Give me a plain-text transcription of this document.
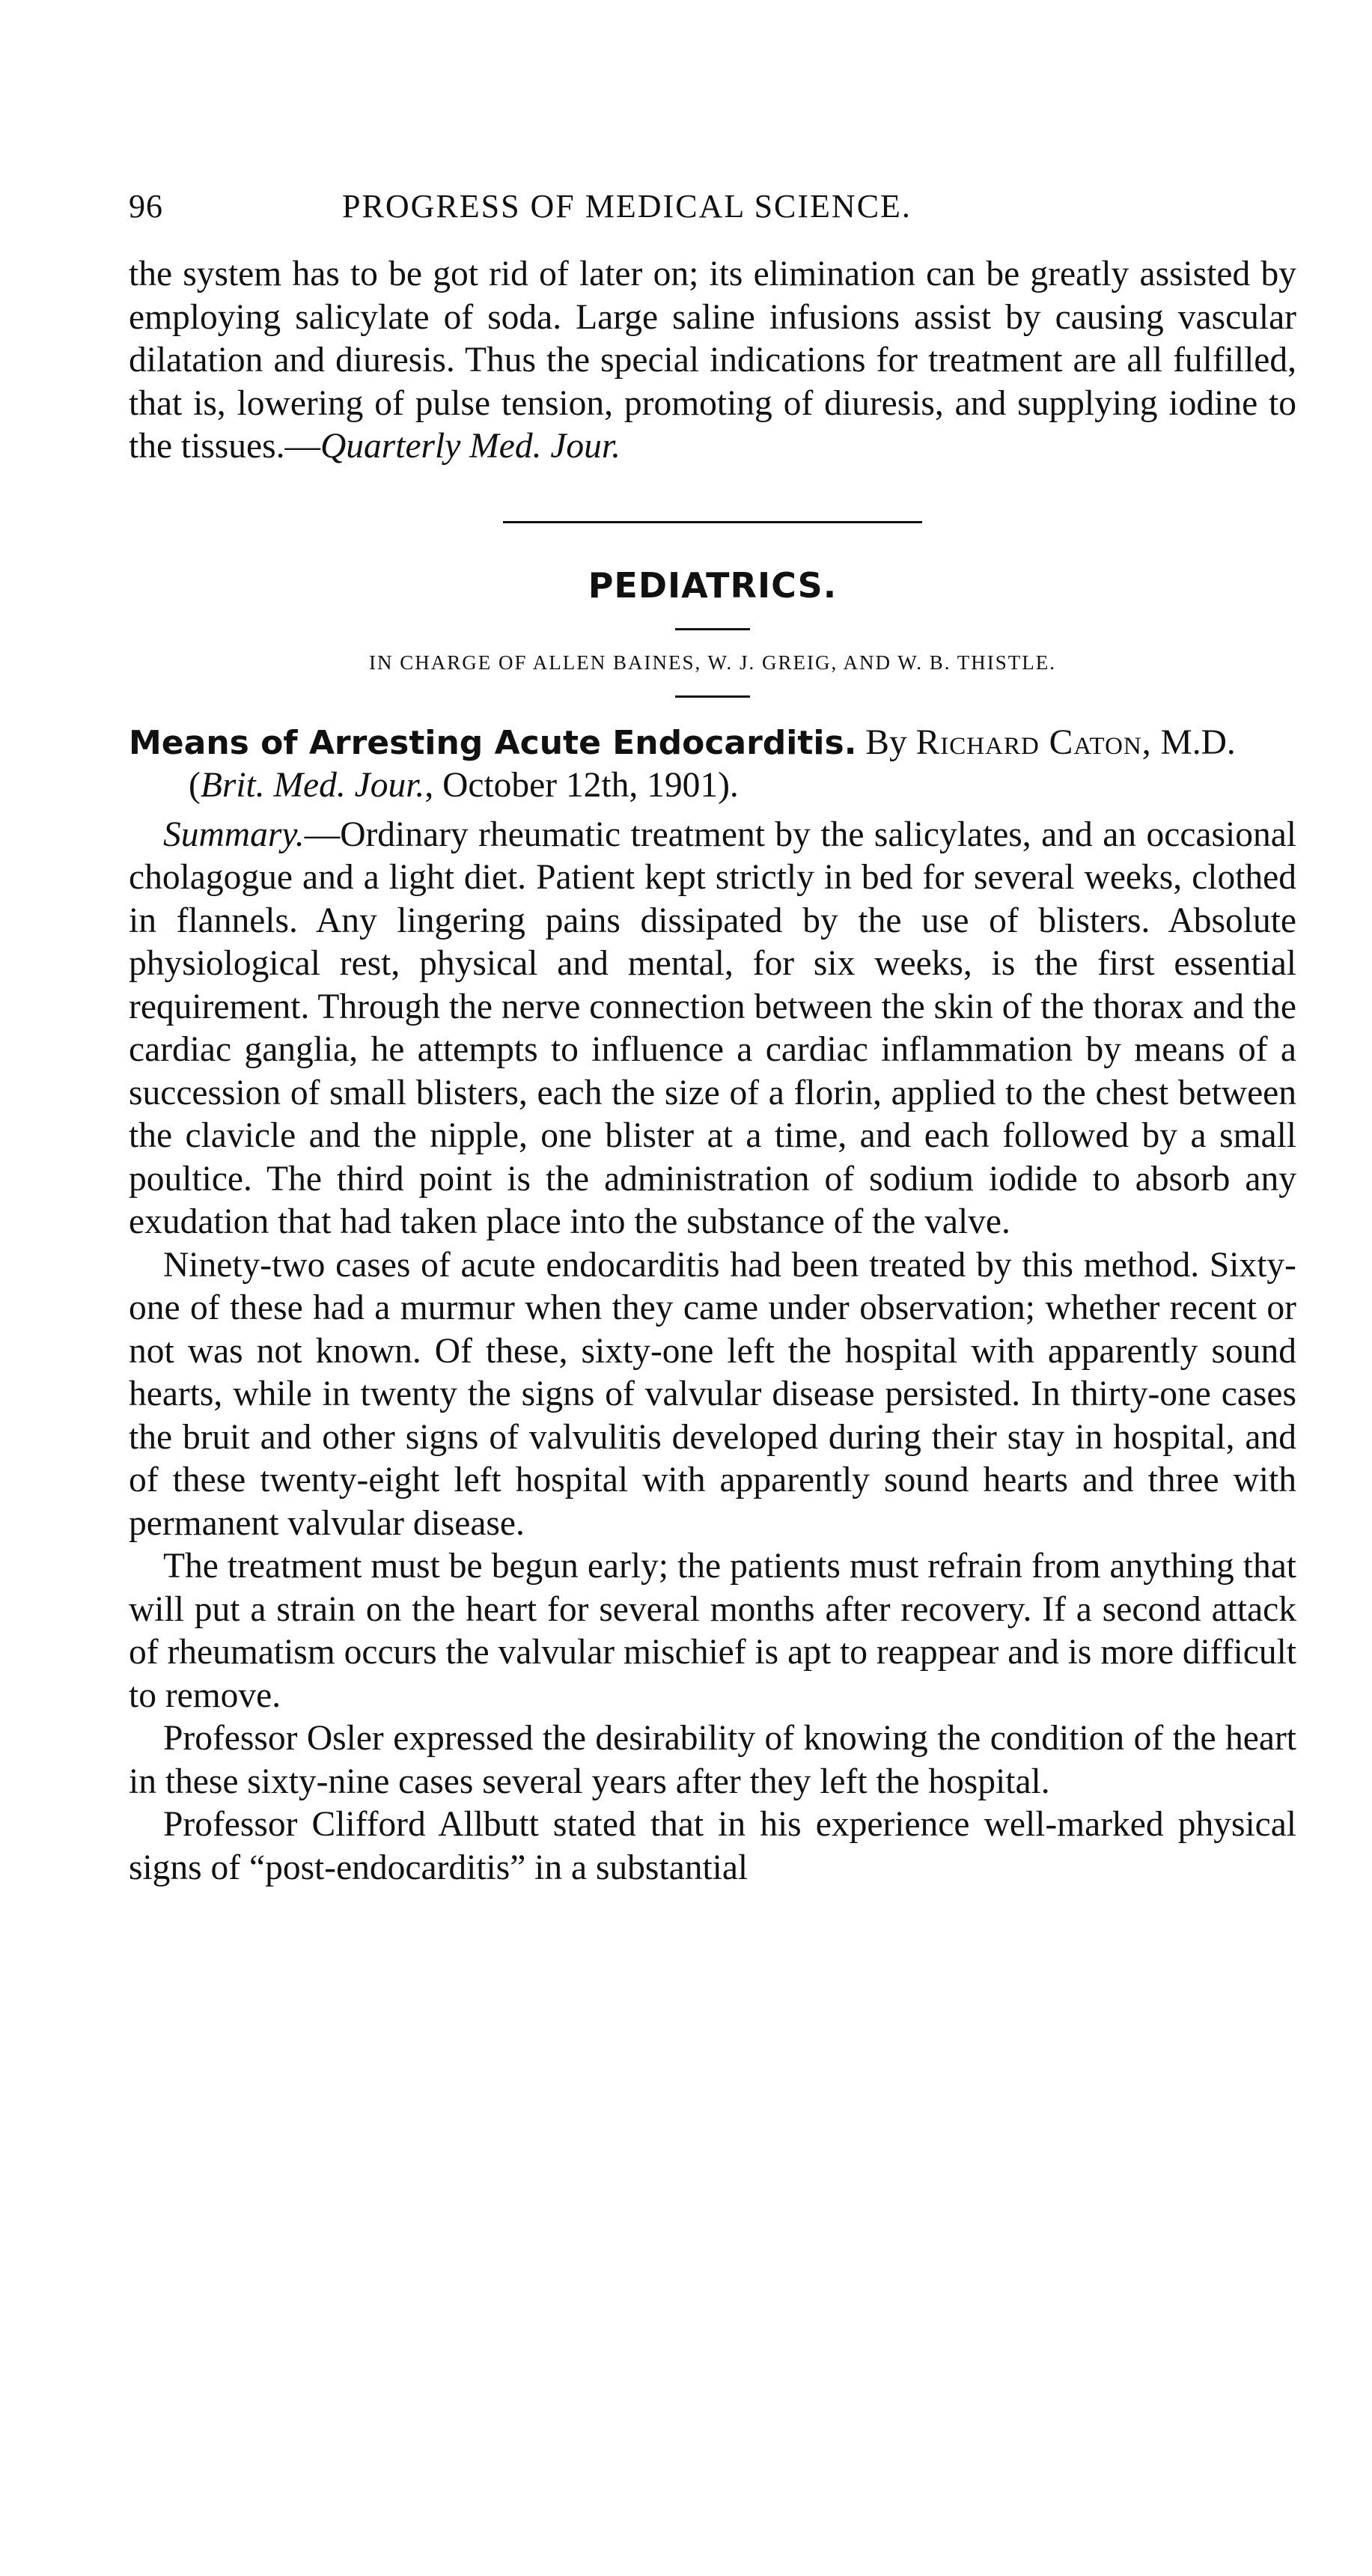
96	PROGRESS OF MEDICAL SCIENCE.

the system has to be got rid of later on; its elimination can be greatly assisted by employing salicylate of soda. Large saline infusions assist by causing vascular dilatation and diuresis. Thus the special indications for treatment are all fulfilled, that is, lowering of pulse tension, promoting of diuresis, and supplying iodine to the tissues.—Quarterly Med. Jour.

PEDIATRICS.
IN CHARGE OF ALLEN BAINES, W. J. GREIG, AND W. B. THISTLE.
Means of Arresting Acute Endocarditis. By Richard Caton, M.D. (Brit. Med. Jour., October 12th, 1901).

Summary.—Ordinary rheumatic treatment by the salicylates, and an occasional cholagogue and a light diet. Patient kept strictly in bed for several weeks, clothed in flannels. Any lingering pains dissipated by the use of blisters. Absolute physiological rest, physical and mental, for six weeks, is the first essential requirement. Through the nerve connection between the skin of the thorax and the cardiac ganglia, he attempts to influence a cardiac inflammation by means of a succession of small blisters, each the size of a florin, applied to the chest between the clavicle and the nipple, one blister at a time, and each followed by a small poultice. The third point is the administration of sodium iodide to absorb any exudation that had taken place into the substance of the valve.

Ninety-two cases of acute endocarditis had been treated by this method. Sixty-one of these had a murmur when they came under observation; whether recent or not was not known. Of these, sixty-one left the hospital with apparently sound hearts, while in twenty the signs of valvular disease persisted. In thirty-one cases the bruit and other signs of valvulitis developed during their stay in hospital, and of these twenty-eight left hospital with apparently sound hearts and three with permanent valvular disease.

The treatment must be begun early; the patients must refrain from anything that will put a strain on the heart for several months after recovery. If a second attack of rheumatism occurs the valvular mischief is apt to reappear and is more difficult to remove.

Professor Osler expressed the desirability of knowing the condition of the heart in these sixty-nine cases several years after they left the hospital.

Professor Clifford Allbutt stated that in his experience well-marked physical signs of “post-endocarditis” in a substantial
